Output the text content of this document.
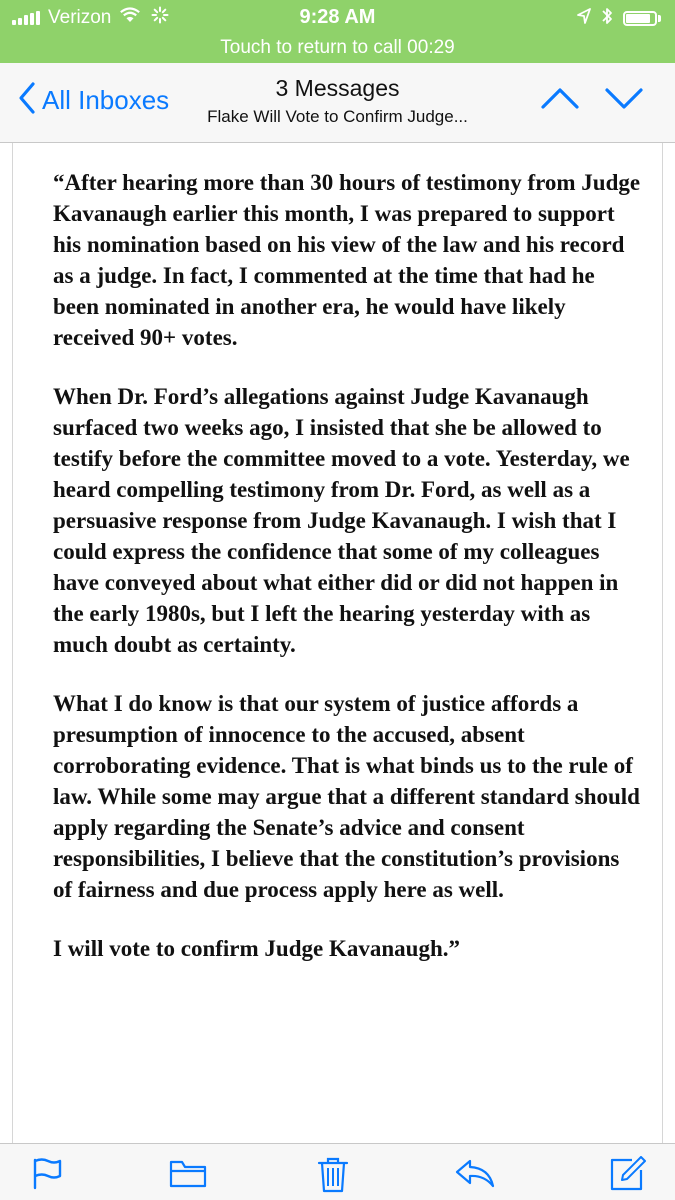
Verizon	9:28 AM
Touch to return to call 00:29
All Inboxes	3 Messages
Flake Will Vote to Confirm Judge...

“After hearing more than 30 hours of testimony from Judge Kavanaugh earlier this month, I was prepared to support his nomination based on his view of the law and his record as a judge. In fact, I commented at the time that had he been nominated in another era, he would have likely received 90+ votes.

When Dr. Ford’s allegations against Judge Kavanaugh surfaced two weeks ago, I insisted that she be allowed to testify before the committee moved to a vote. Yesterday, we heard compelling testimony from Dr. Ford, as well as a persuasive response from Judge Kavanaugh. I wish that I could express the confidence that some of my colleagues have conveyed about what either did or did not happen in the early 1980s, but I left the hearing yesterday with as much doubt as certainty.

What I do know is that our system of justice affords a presumption of innocence to the accused, absent corroborating evidence. That is what binds us to the rule of law. While some may argue that a different standard should apply regarding the Senate’s advice and consent responsibilities, I believe that the constitution’s provisions of fairness and due process apply here as well.

I will vote to confirm Judge Kavanaugh.”
